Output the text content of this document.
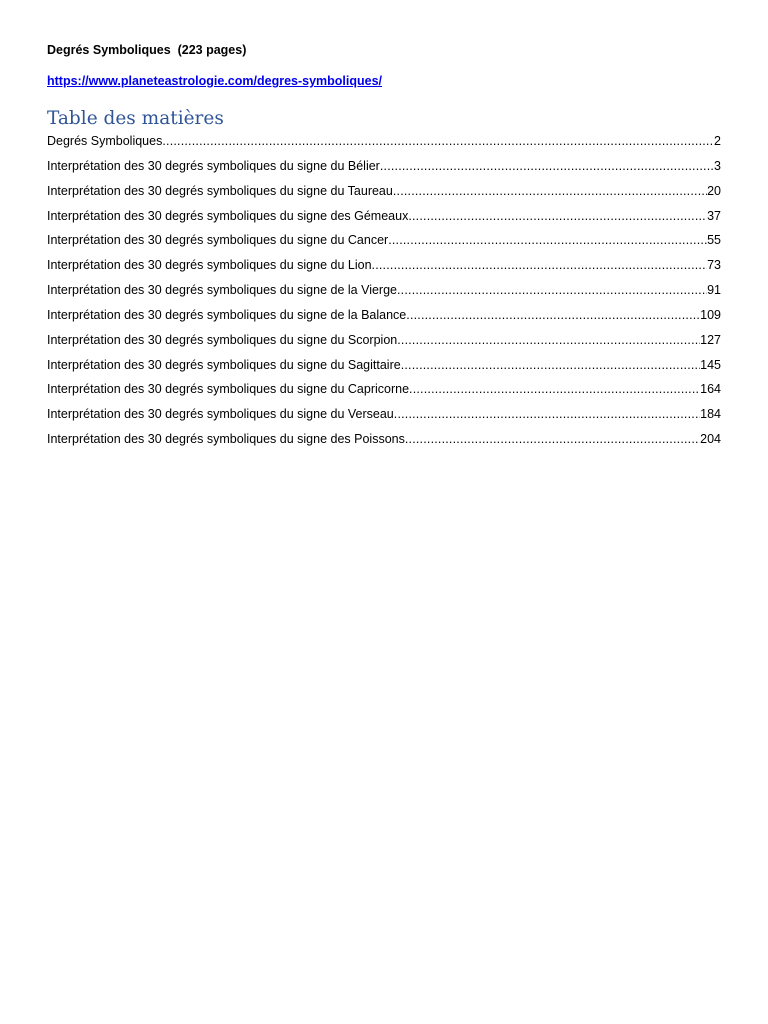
Degrés Symboliques  (223 pages)
https://www.planeteastrologie.com/degres-symboliques/
Table des matières
Degrés Symboliques .....	2
Interprétation des 30 degrés symboliques du signe du Bélier .....	3
Interprétation des 30 degrés symboliques du signe du Taureau .....	20
Interprétation des 30 degrés symboliques du signe des Gémeaux .....	37
Interprétation des 30 degrés symboliques du signe du Cancer .....	55
Interprétation des 30 degrés symboliques du signe du Lion .....	73
Interprétation des 30 degrés symboliques du signe de la Vierge .....	91
Interprétation des 30 degrés symboliques du signe de la Balance .....	109
Interprétation des 30 degrés symboliques du signe du Scorpion .....	127
Interprétation des 30 degrés symboliques du signe du Sagittaire .....	145
Interprétation des 30 degrés symboliques du signe du Capricorne .....	164
Interprétation des 30 degrés symboliques du signe du Verseau .....	184
Interprétation des 30 degrés symboliques du signe des Poissons .....	204
